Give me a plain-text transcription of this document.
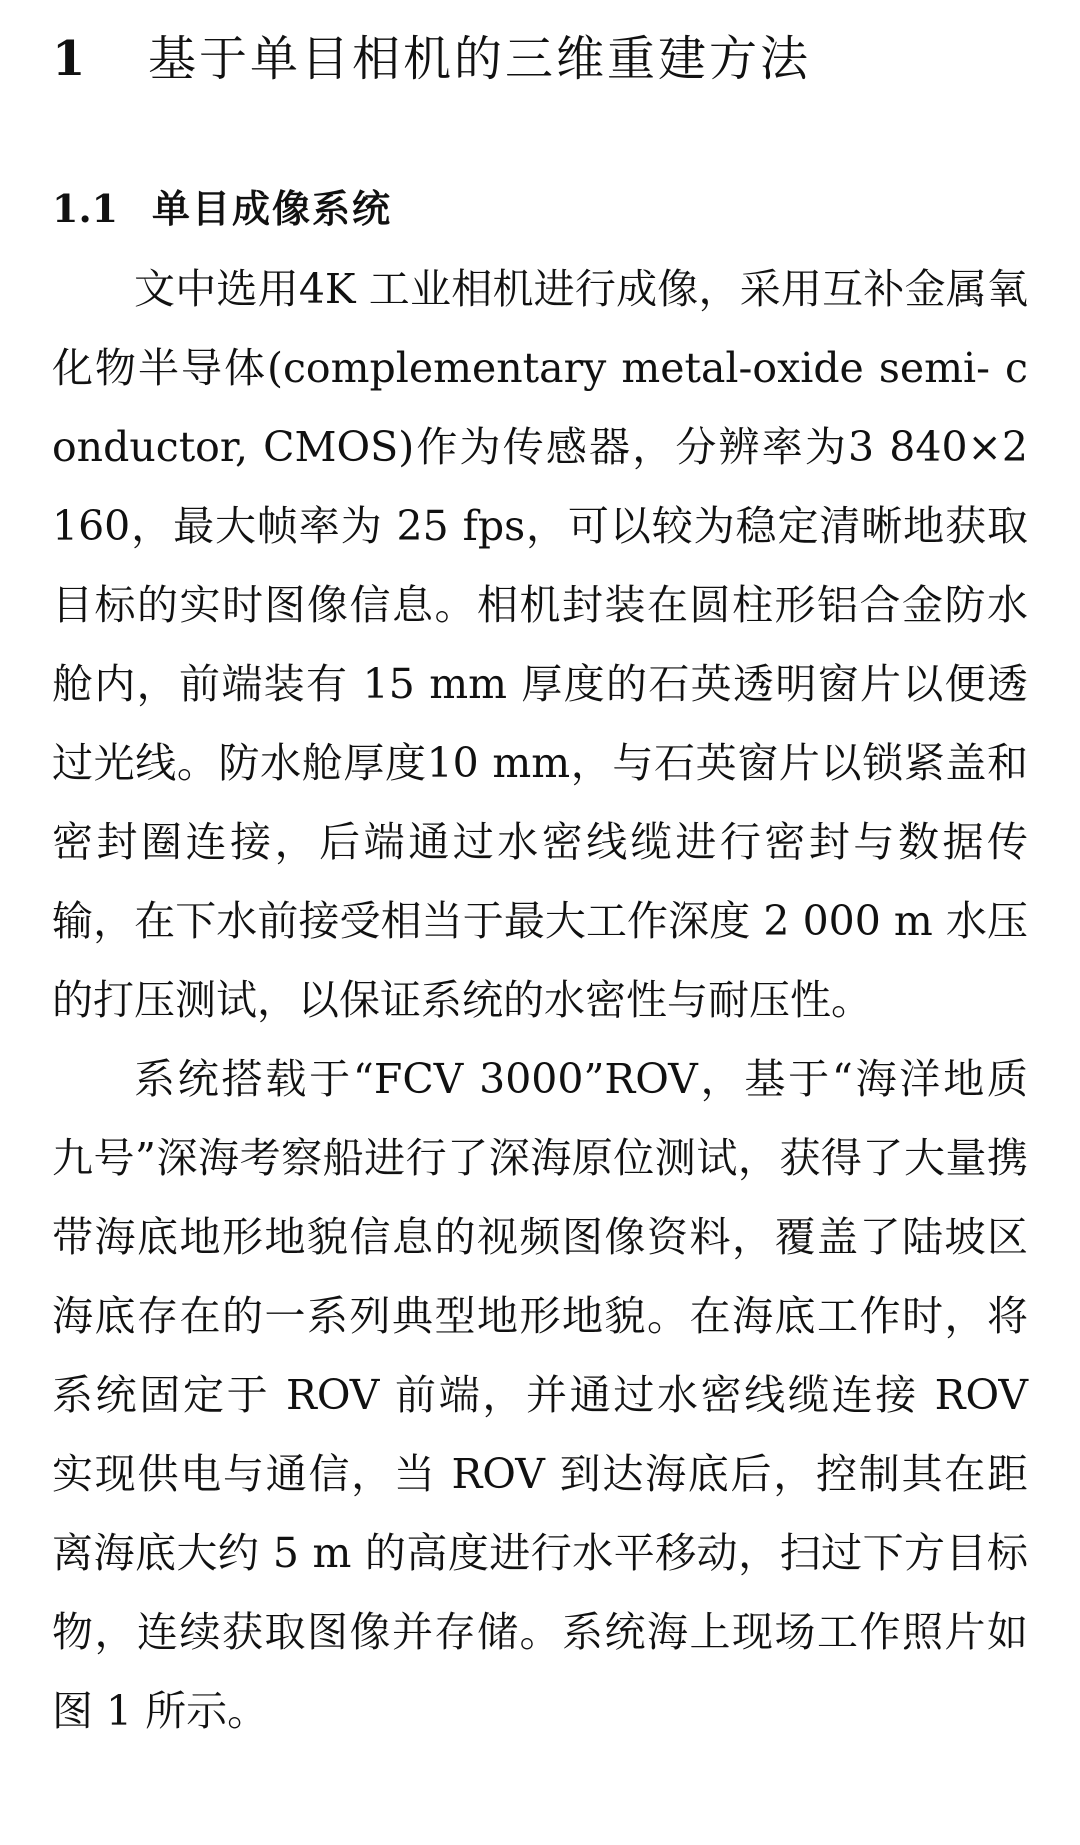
1	基于单目相机的三维重建方法
1.1 单目成像系统

文中选用4K 工业相机进行成像，采用互补金属氧化物半导体(complementary metal-oxide semi- conductor, CMOS)作为传感器，分辨率为3 840×2 160，最大帧率为 25 fps，可以较为稳定清晰地获取目标的实时图像信息。相机封装在圆柱形铝合金防水舱内，前端装有 15 mm 厚度的石英透明窗片以便透过光线。防水舱厚度10 mm，与石英窗片以锁紧盖和密封圈连接，后端通过水密线缆进行密封与数据传输，在下水前接受相当于最大工作深度 2 000 m 水压的打压测试，以保证系统的水密性与耐压性。

系统搭载于“FCV 3000”ROV，基于“海洋地质九号”深海考察船进行了深海原位测试，获得了大量携带海底地形地貌信息的视频图像资料，覆盖了陆坡区海底存在的一系列典型地形地貌。在海底工作时，将系统固定于 ROV 前端，并通过水密线缆连接 ROV 实现供电与通信，当 ROV 到达海底后，控制其在距离海底大约 5 m 的高度进行水平移动，扫过下方目标物，连续获取图像并存储。系统海上现场工作照片如图 1 所示。
